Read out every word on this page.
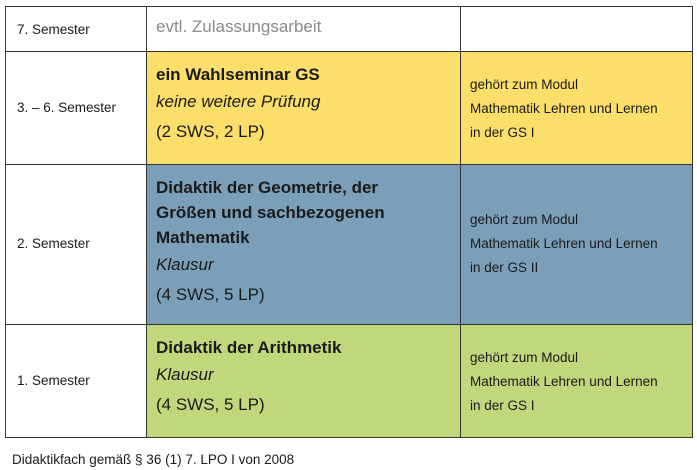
7. Semester	evtl. Zulassungsarbeit
3. – 6. Semester
ein Wahlseminar GS
keine weitere Prüfung
(2 SWS, 2 LP)
gehört zum Modul
Mathematik Lehren und Lernen
in der GS I
2. Semester
Didaktik der Geometrie, der
Größen und sachbezogenen
Mathematik
Klausur
(4 SWS, 5 LP)
gehört zum Modul
Mathematik Lehren und Lernen
in der GS II
1. Semester
Didaktik der Arithmetik
Klausur
(4 SWS, 5 LP)
gehört zum Modul
Mathematik Lehren und Lernen
in der GS I
Didaktikfach gemäß § 36 (1) 7. LPO I von 2008
